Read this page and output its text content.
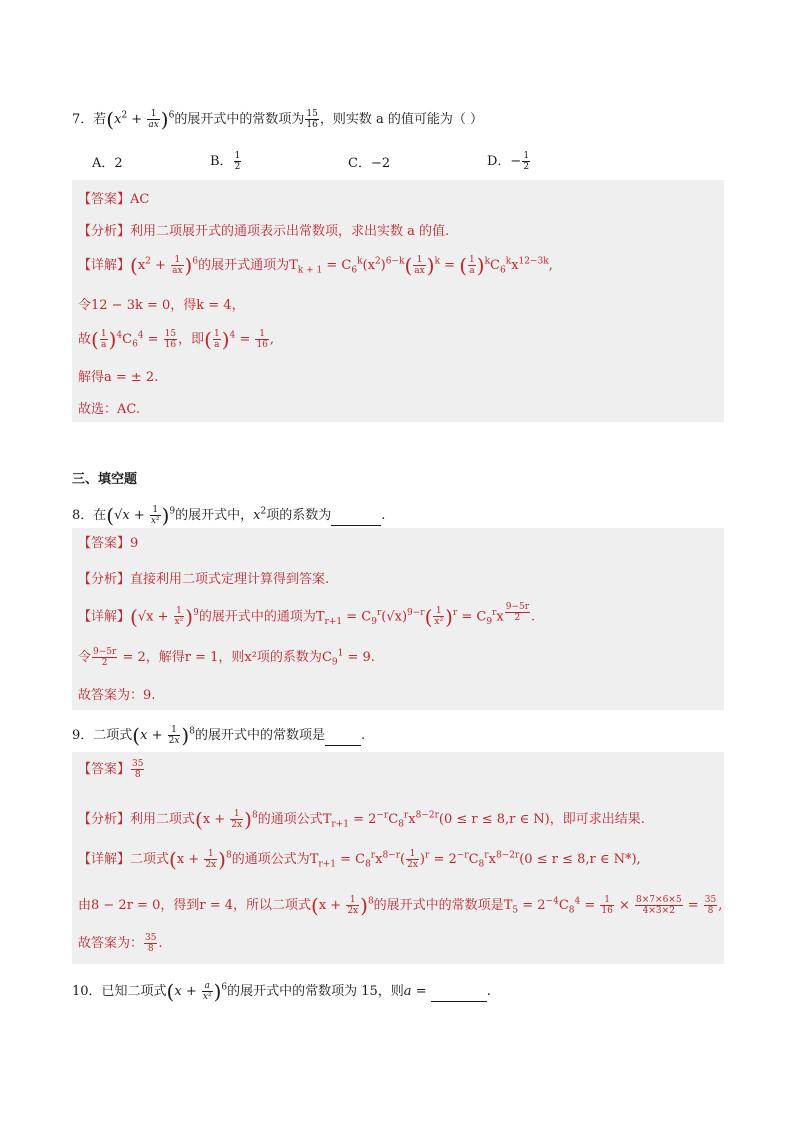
7．若$(x^2 + \frac{1}{ax} )^6$的展开式中的常数项为 $\frac{15}{16}$ ，则实数 a 的值可能为（ ）
A．2	B． $\frac{1}{2}$	C．−2	D．− $\frac{1}{2}$
【答案】AC
【分析】利用二项展开式的通项表示出常数项，求出实数 a 的值.
【详解】$(x^2 + \frac{1}{ax} )^6$的展开式通项为$T_{k + 1} = C_6^k(x^2)^{6-k}( \frac{1}{ax} )^k$ = ( $\frac{1}{a} )^kC_6^kx^{12-3k}$,
令12 − 3k = 0，得k = 4，
故( $\frac{1}{a} )^4C_6^4 = \frac{15}{16}$ ，即( $\frac{1}{a} )^4 = \frac{1}{16}$ ,
解得a = ± 2.
故选：AC.
三、填空题
8．在$(√x + \frac{1}{\text{x²}} )^9$的展开式中，$x^2$项的系数为	.
【答案】9
【分析】直接利用二项式定理计算得到答案.
【详解】$(√x + \frac{1}{\text{x²}} )^9$的展开式中的通项为$T_{r+1} = C_9^r(√x)^{9-r}( \frac{1}{\text{x²}} )^r = C_9^rx$ $^{\frac{9-5r}{2}}$ .
令 $\frac{9-5r}{2} = 2$，解得r = 1，则x²项的系数为$C_9^1 = 9$.
故答案为：9.
9．二项式$(x + \frac{1}{2x} )^8$的展开式中的常数项是	.
【答案】 $\frac{35}{8}$
【分析】利用二项式$(x + \frac{1}{2x} )^8$的通项公式$T_{r+1} = 2^{-r}C_8^rx^{8-2r}(0 \le r \le 8,r$ ∈ N)，即可求出结果.
【详解】二项式$(x + \frac{1}{2x} )^8$的通项公式为$T_{r+1} = C_8^rx^{8-r}( \frac{1}{2x} )^r = 2^{-r}C_8^rx^{8-2r}(0 \le r \le 8,r$ ∈ N*),
由8 − 2r = 0，得到r = 4，所以二项式$(x + \frac{1}{2x} )^8$的展开式中的常数项是$T_5 = 2^{-4}C_8^4 = \frac{1}{16} \times \frac{8\times 7\times 6\times 5}{4\times 3\times 2} = \frac{35}{8}$ ,
故答案为： $\frac{35}{8}$ .
10．已知二项式$(x + \frac{a}{\text{x²}} )^6$的展开式中的常数项为 15，则a =	.
